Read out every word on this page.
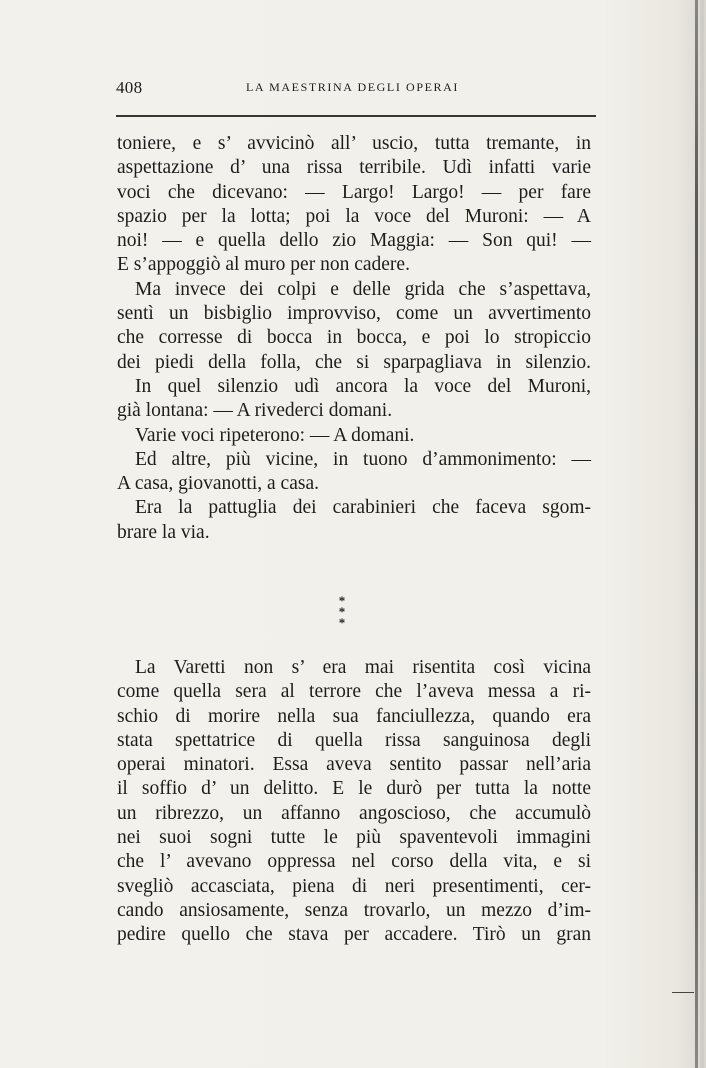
408	LA MAESTRINA DEGLI OPERAI
toniere, e s’ avvicinò all’ uscio, tutta tremante, in
aspettazione d’ una rissa terribile. Udì infatti varie
voci che dicevano: — Largo! Largo! — per fare
spazio per la lotta; poi la voce del Muroni: — A
noi! — e quella dello zio Maggia: — Son qui! —
E s’appoggiò al muro per non cadere.
Ma invece dei colpi e delle grida che s’aspettava,
sentì un bisbiglio improvviso, come un avvertimento
che corresse di bocca in bocca, e poi lo stropiccio
dei piedi della folla, che si sparpagliava in silenzio.
In quel silenzio udì ancora la voce del Muroni,
già lontana: — A rivederci domani.
Varie voci ripeterono: — A domani.
Ed altre, più vicine, in tuono d’ammonimento: —
A casa, giovanotti, a casa.
Era la pattuglia dei carabinieri che faceva sgom-
brare la via.
*
* *
La Varetti non s’ era mai risentita così vicina
come quella sera al terrore che l’aveva messa a ri-
schio di morire nella sua fanciullezza, quando era
stata spettatrice di quella rissa sanguinosa degli
operai minatori. Essa aveva sentito passar nell’aria
il soffio d’ un delitto. E le durò per tutta la notte
un ribrezzo, un affanno angoscioso, che accumulò
nei suoi sogni tutte le più spaventevoli immagini
che l’ avevano oppressa nel corso della vita, e si
svegliò accasciata, piena di neri presentimenti, cer-
cando ansiosamente, senza trovarlo, un mezzo d’im-
pedire quello che stava per accadere. Tirò un gran
